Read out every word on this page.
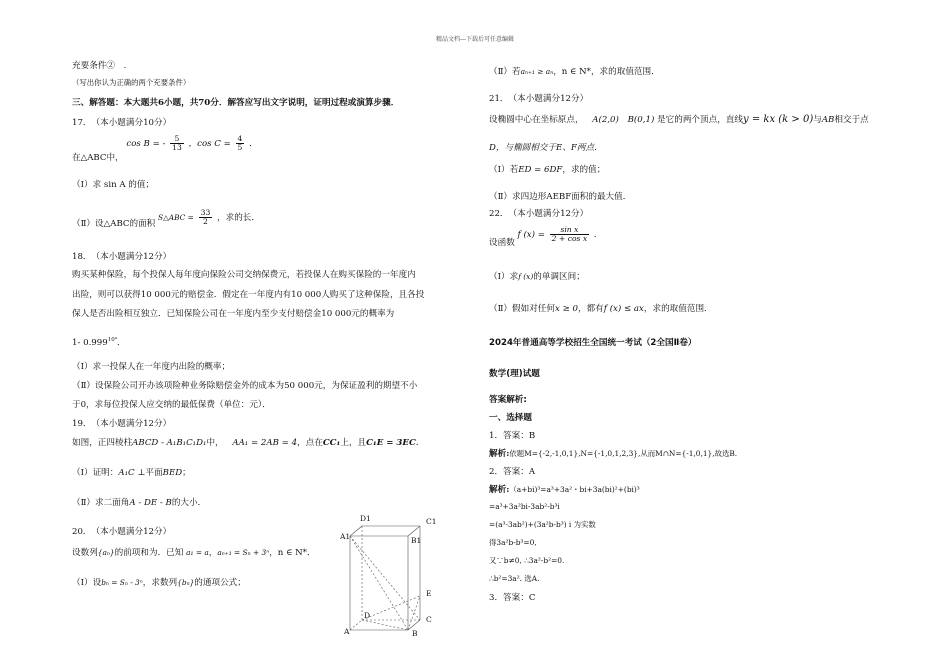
精品文档---下载后可任意编辑
充要条件②　.
（写出你认为正确的两个充要条件）
三、解答题：本大题共6小题，共70分．解答应写出文字说明，证明过程或演算步骤．
17．　（本小题满分10分）
在△ABC中， cos B = - $\frac{5}{13}$ ，$\cos C = \frac{4}{5}$ ．
（Ⅰ）求 sin A 的值；
（Ⅱ）设△ABC的面积 S△ABC = $\frac{33}{2}$ ，求的长．
18．　（本小题满分12分）
购买某种保险，每个投保人每年度向保险公司交纳保费元，若投保人在购买保险的一年度内
出险，则可以获得10 000元的赔偿金．假定在一年度内有10 000人购买了这种保险，且各投
保人是否出险相互独立．已知保险公司在一年度内至少支付赔偿金10 000元的概率为
1- $0.999^{10^4}$．
（Ⅰ）求一投保人在一年度内出险的概率；
（Ⅱ）设保险公司开办该项险种业务除赔偿金外的成本为50 000元，为保证盈利的期望不小
于0，求每位投保人应交纳的最低保费（单位：元）．
19．　（本小题满分12分）
如图，正四棱柱ABCD - A₁B₁C₁D₁中， AA₁ = 2AB = 4，点在CC₁上，且C₁E = 3EC．
（Ⅰ）证明：A₁C ⊥平面BED；
（Ⅱ）求二面角A - DE - B的大小．
20．　（本小题满分12分）
设数列{aₙ}的前项和为．已知 a₁ = a，aₙ₊₁ = Sₙ + 3ⁿ，n ∈ N*．
（Ⅰ）设bₙ = Sₙ - 3ⁿ，求数列{bₙ}的通项公式；
D1	C1
A1	B1
E
D	C
A	B
（Ⅱ）若aₙ₊₁ ≥ aₙ，n ∈ N*，求的取值范围．
21．　（本小题满分12分）
设椭圆中心在坐标原点， A(2,0) B(0,1) 是它的两个顶点，直线y = kx (k > 0)与AB相交于点
D，与椭圆相交于E、F两点．
（Ⅰ）若ED = 6DF，求的值；
（Ⅱ）求四边形AEBF面积的最大值．
22．　（本小题满分12分）
设函数 f $(x) = \frac{\text{sin x}}{\text{2 + cos x}}$ ．
（Ⅰ）求f (x)的单调区间；
（Ⅱ）假如对任何x ≥ 0，都有f (x) ≤ ax，求的取值范围．
2024年普通高等学校招生全国统一考试（2全国Ⅱ卷）
数学(理)试题
答案解析:
一、选择题
1．答案：B
解析:依题M={-2,-1,0,1},N={-1,0,1,2,3},从而M∩N={-1,0,1},故选B.
2．答案：A
解析:（a+bi)³=a³+3a²・bi+3a(bi)²+(bi)³
=a³+3a²bi-3ab²-b³i
=(a³-3ab²)+(3a²b-b³) i 为实数
得3a²b-b³=0,
又∵b≠0, ∴3a²-b²=0.
∴b²=3a². 选A.
3．答案：C
